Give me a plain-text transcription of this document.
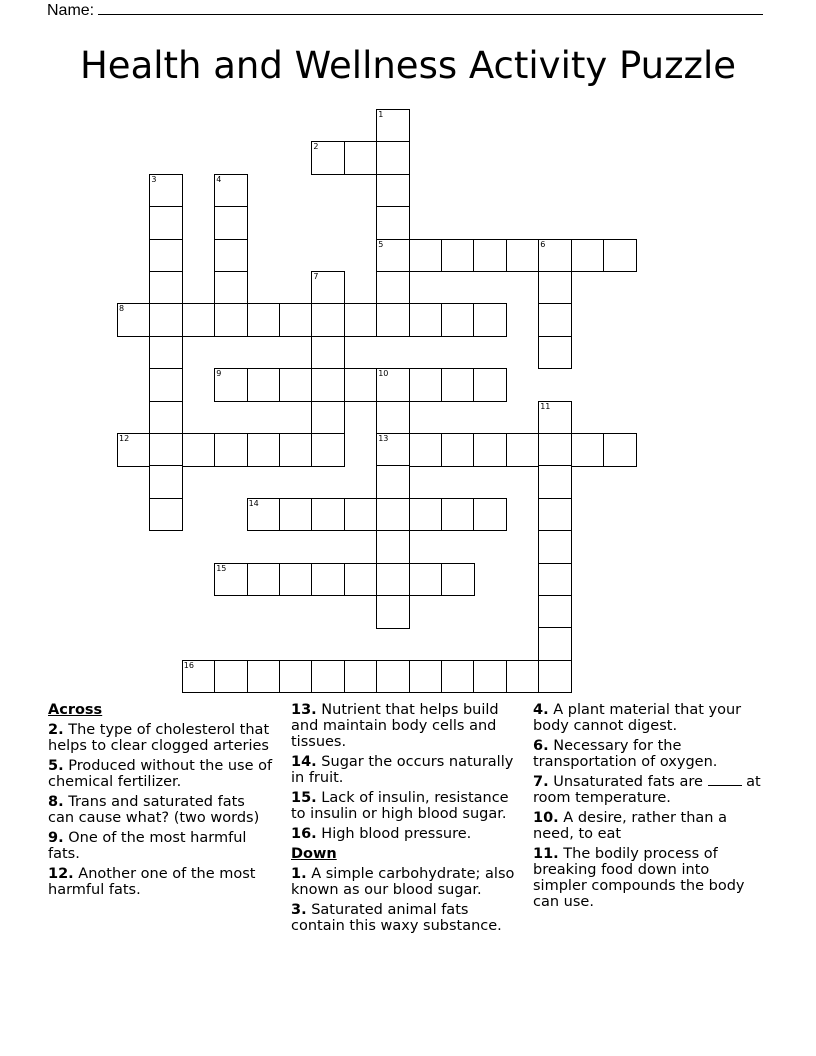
Name:
Health and Wellness Activity Puzzle
1
2
3	4
5	6
7
8
9	10
11
12	13
14
15
16
Across
2. The type of cholesterol that helps to clear clogged arteries
5. Produced without the use of chemical fertilizer.
8. Trans and saturated fats can cause what? (two words)
9. One of the most harmful fats.
12. Another one of the most harmful fats.
13. Nutrient that helps build and maintain body cells and tissues.
14. Sugar the occurs naturally in fruit.
15. Lack of insulin, resistance to insulin or high blood sugar.
16. High blood pressure.
Down
1. A simple carbohydrate; also known as our blood sugar.
3. Saturated animal fats contain this waxy substance.
4. A plant material that your body cannot digest.
6. Necessary for the transportation of oxygen.
7. Unsaturated fats are	at room temperature.
10. A desire, rather than a need, to eat
11. The bodily process of breaking food down into simpler compounds the body can use.
